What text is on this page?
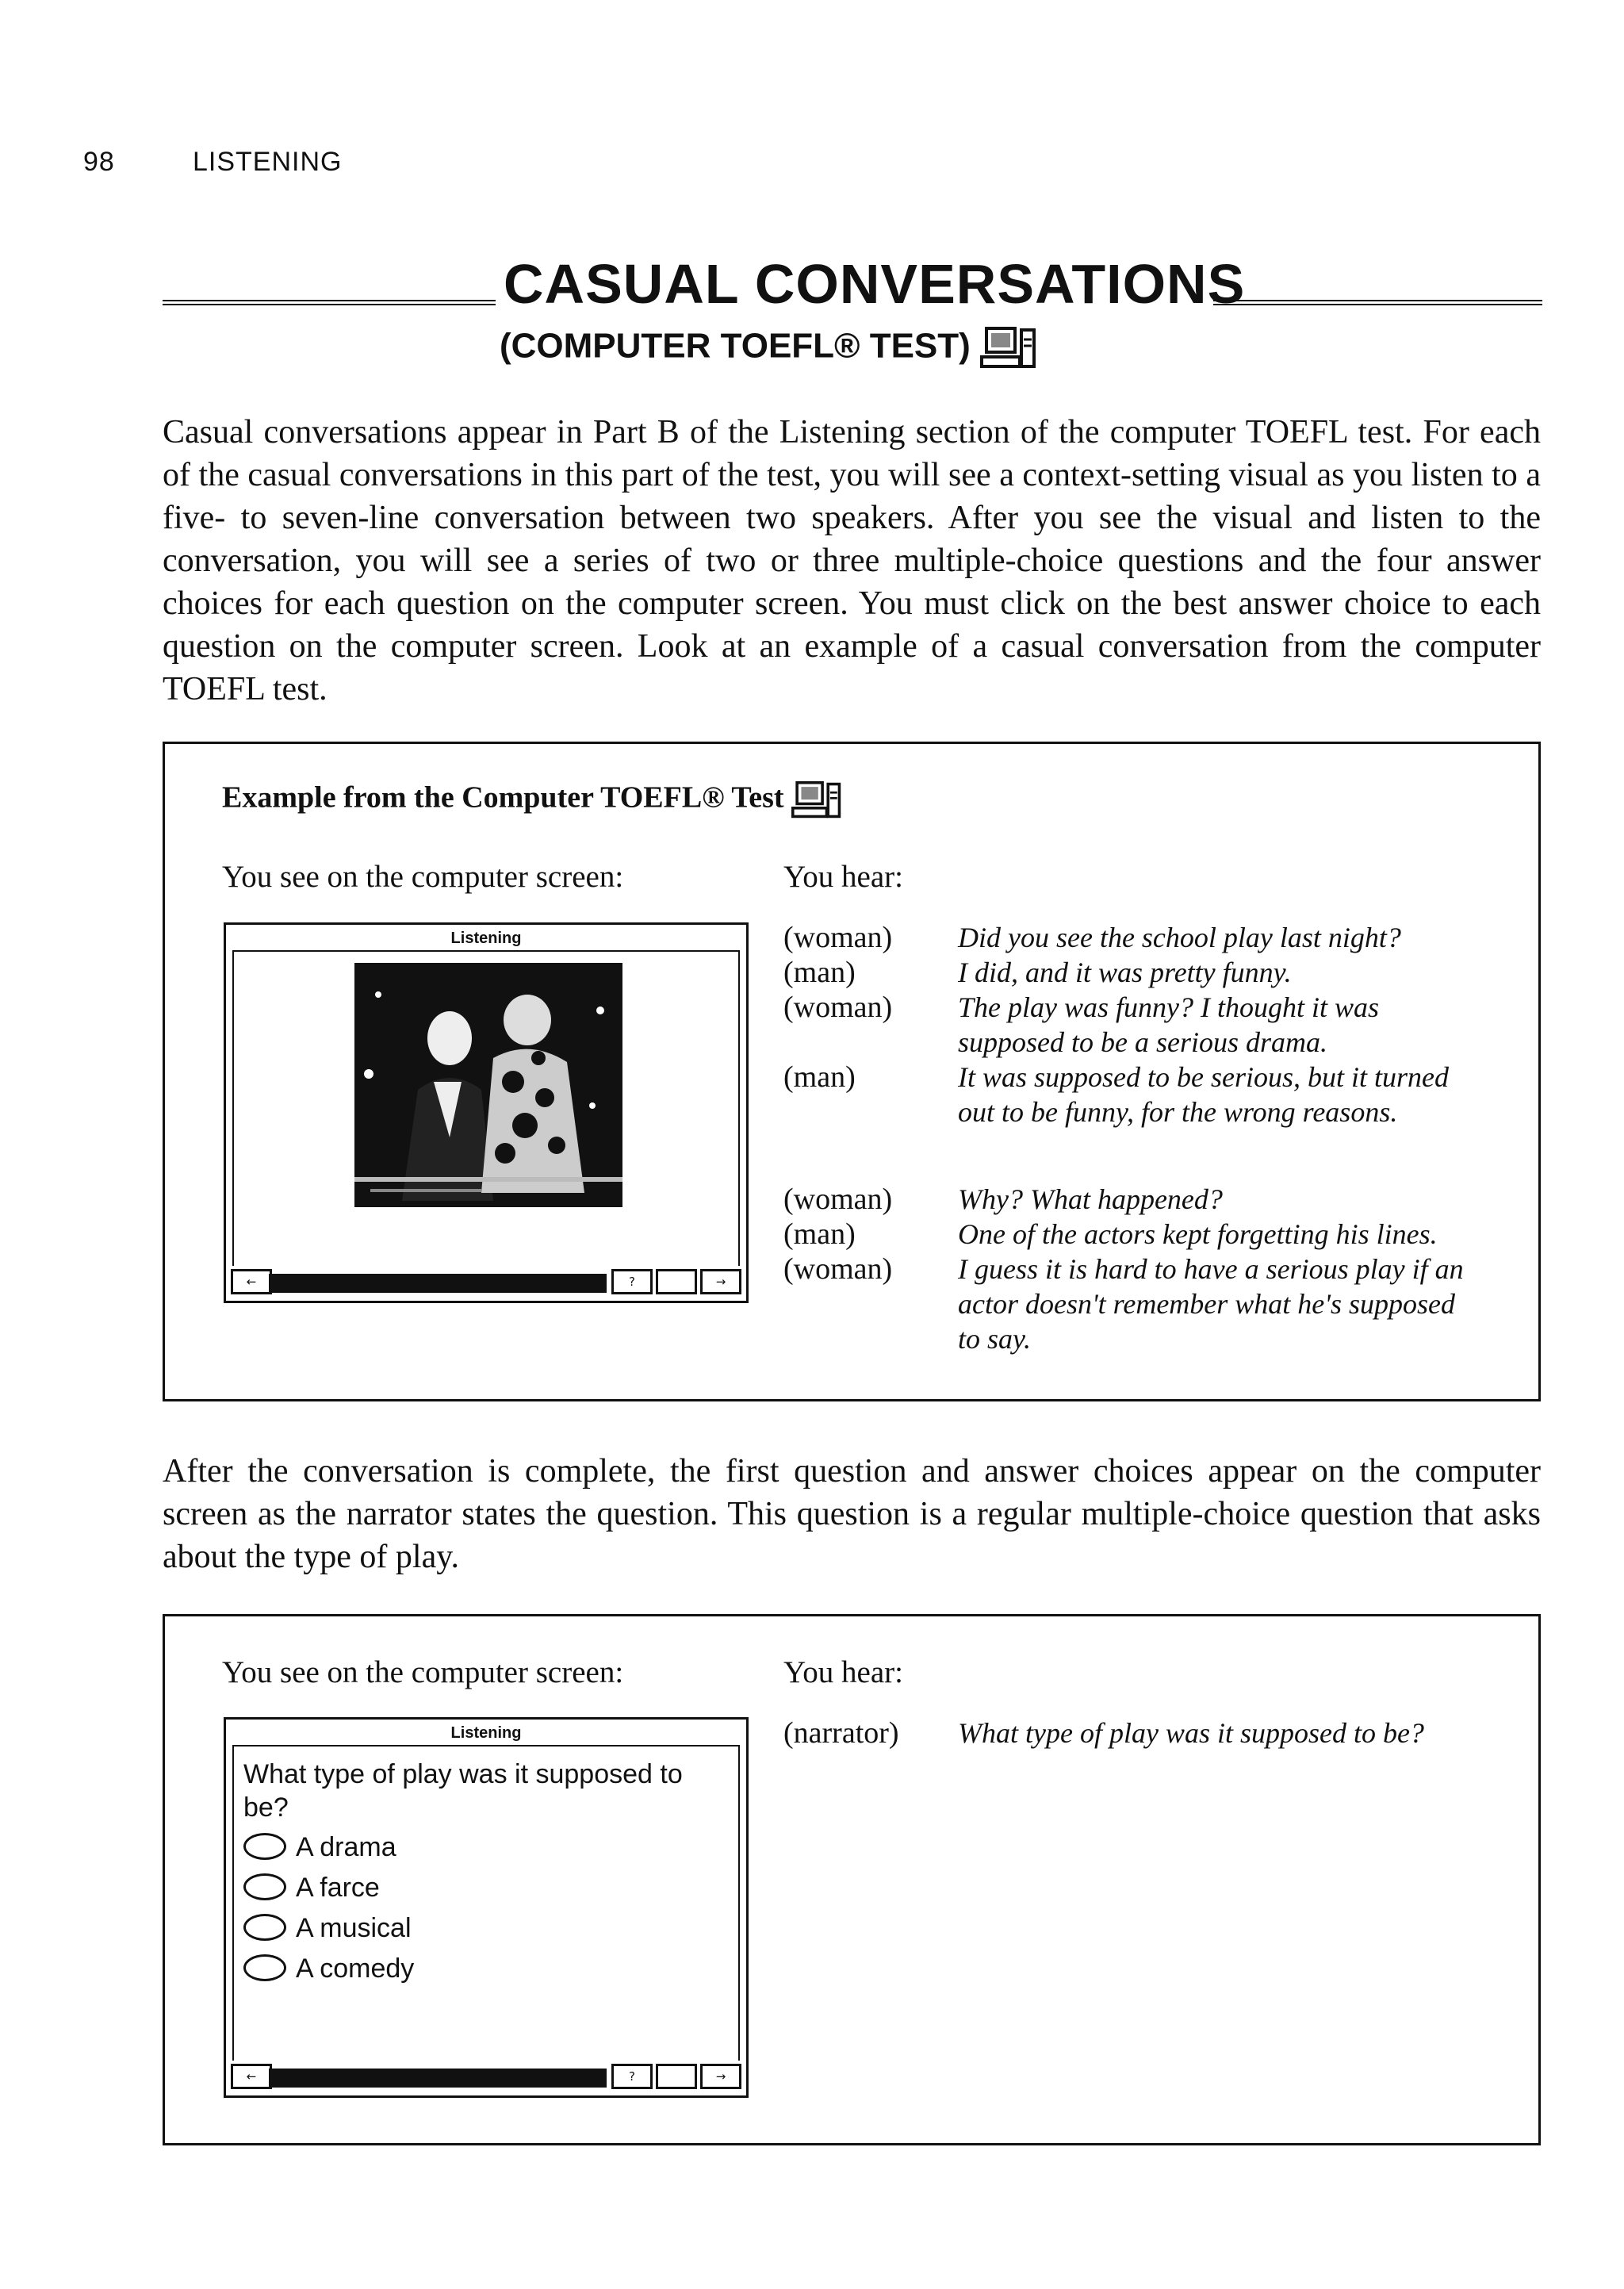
98	LISTENING
CASUAL CONVERSATIONS
(COMPUTER TOEFL® TEST)

Casual conversations appear in Part B of the Listening section of the computer TOEFL test. For each of the casual conversations in this part of the test, you will see a context-setting visual as you listen to a five- to seven-line conversation between two speakers. After you see the visual and listen to the conversation, you will see a series of two or three multiple-choice questions and the four answer choices for each question on the computer screen. You must click on the best answer choice to each question on the computer screen. Look at an example of a casual conversation from the computer TOEFL test.

Example from the Computer TOEFL® Test
You see on the computer screen:	You hear:
Listening
←	?	→
(woman) Did you see the school play last night?
(man)	I did, and it was pretty funny.
(woman) The play was funny? I thought it was supposed to be a serious drama.
(man)	It was supposed to be serious, but it turned out to be funny, for the wrong reasons.
(woman) Why? What happened?
(man)	One of the actors kept forgetting his lines.
(woman) I guess it is hard to have a serious play if an actor doesn't remember what he's supposed to say.

After the conversation is complete, the first question and answer choices appear on the computer screen as the narrator states the question. This question is a regular multiple-choice question that asks about the type of play.

You see on the computer screen:	You hear:
Listening
What type of play was it supposed to be?
A drama
A farce
A musical
A comedy
←	?	→
(narrator) What type of play was it supposed to be?
